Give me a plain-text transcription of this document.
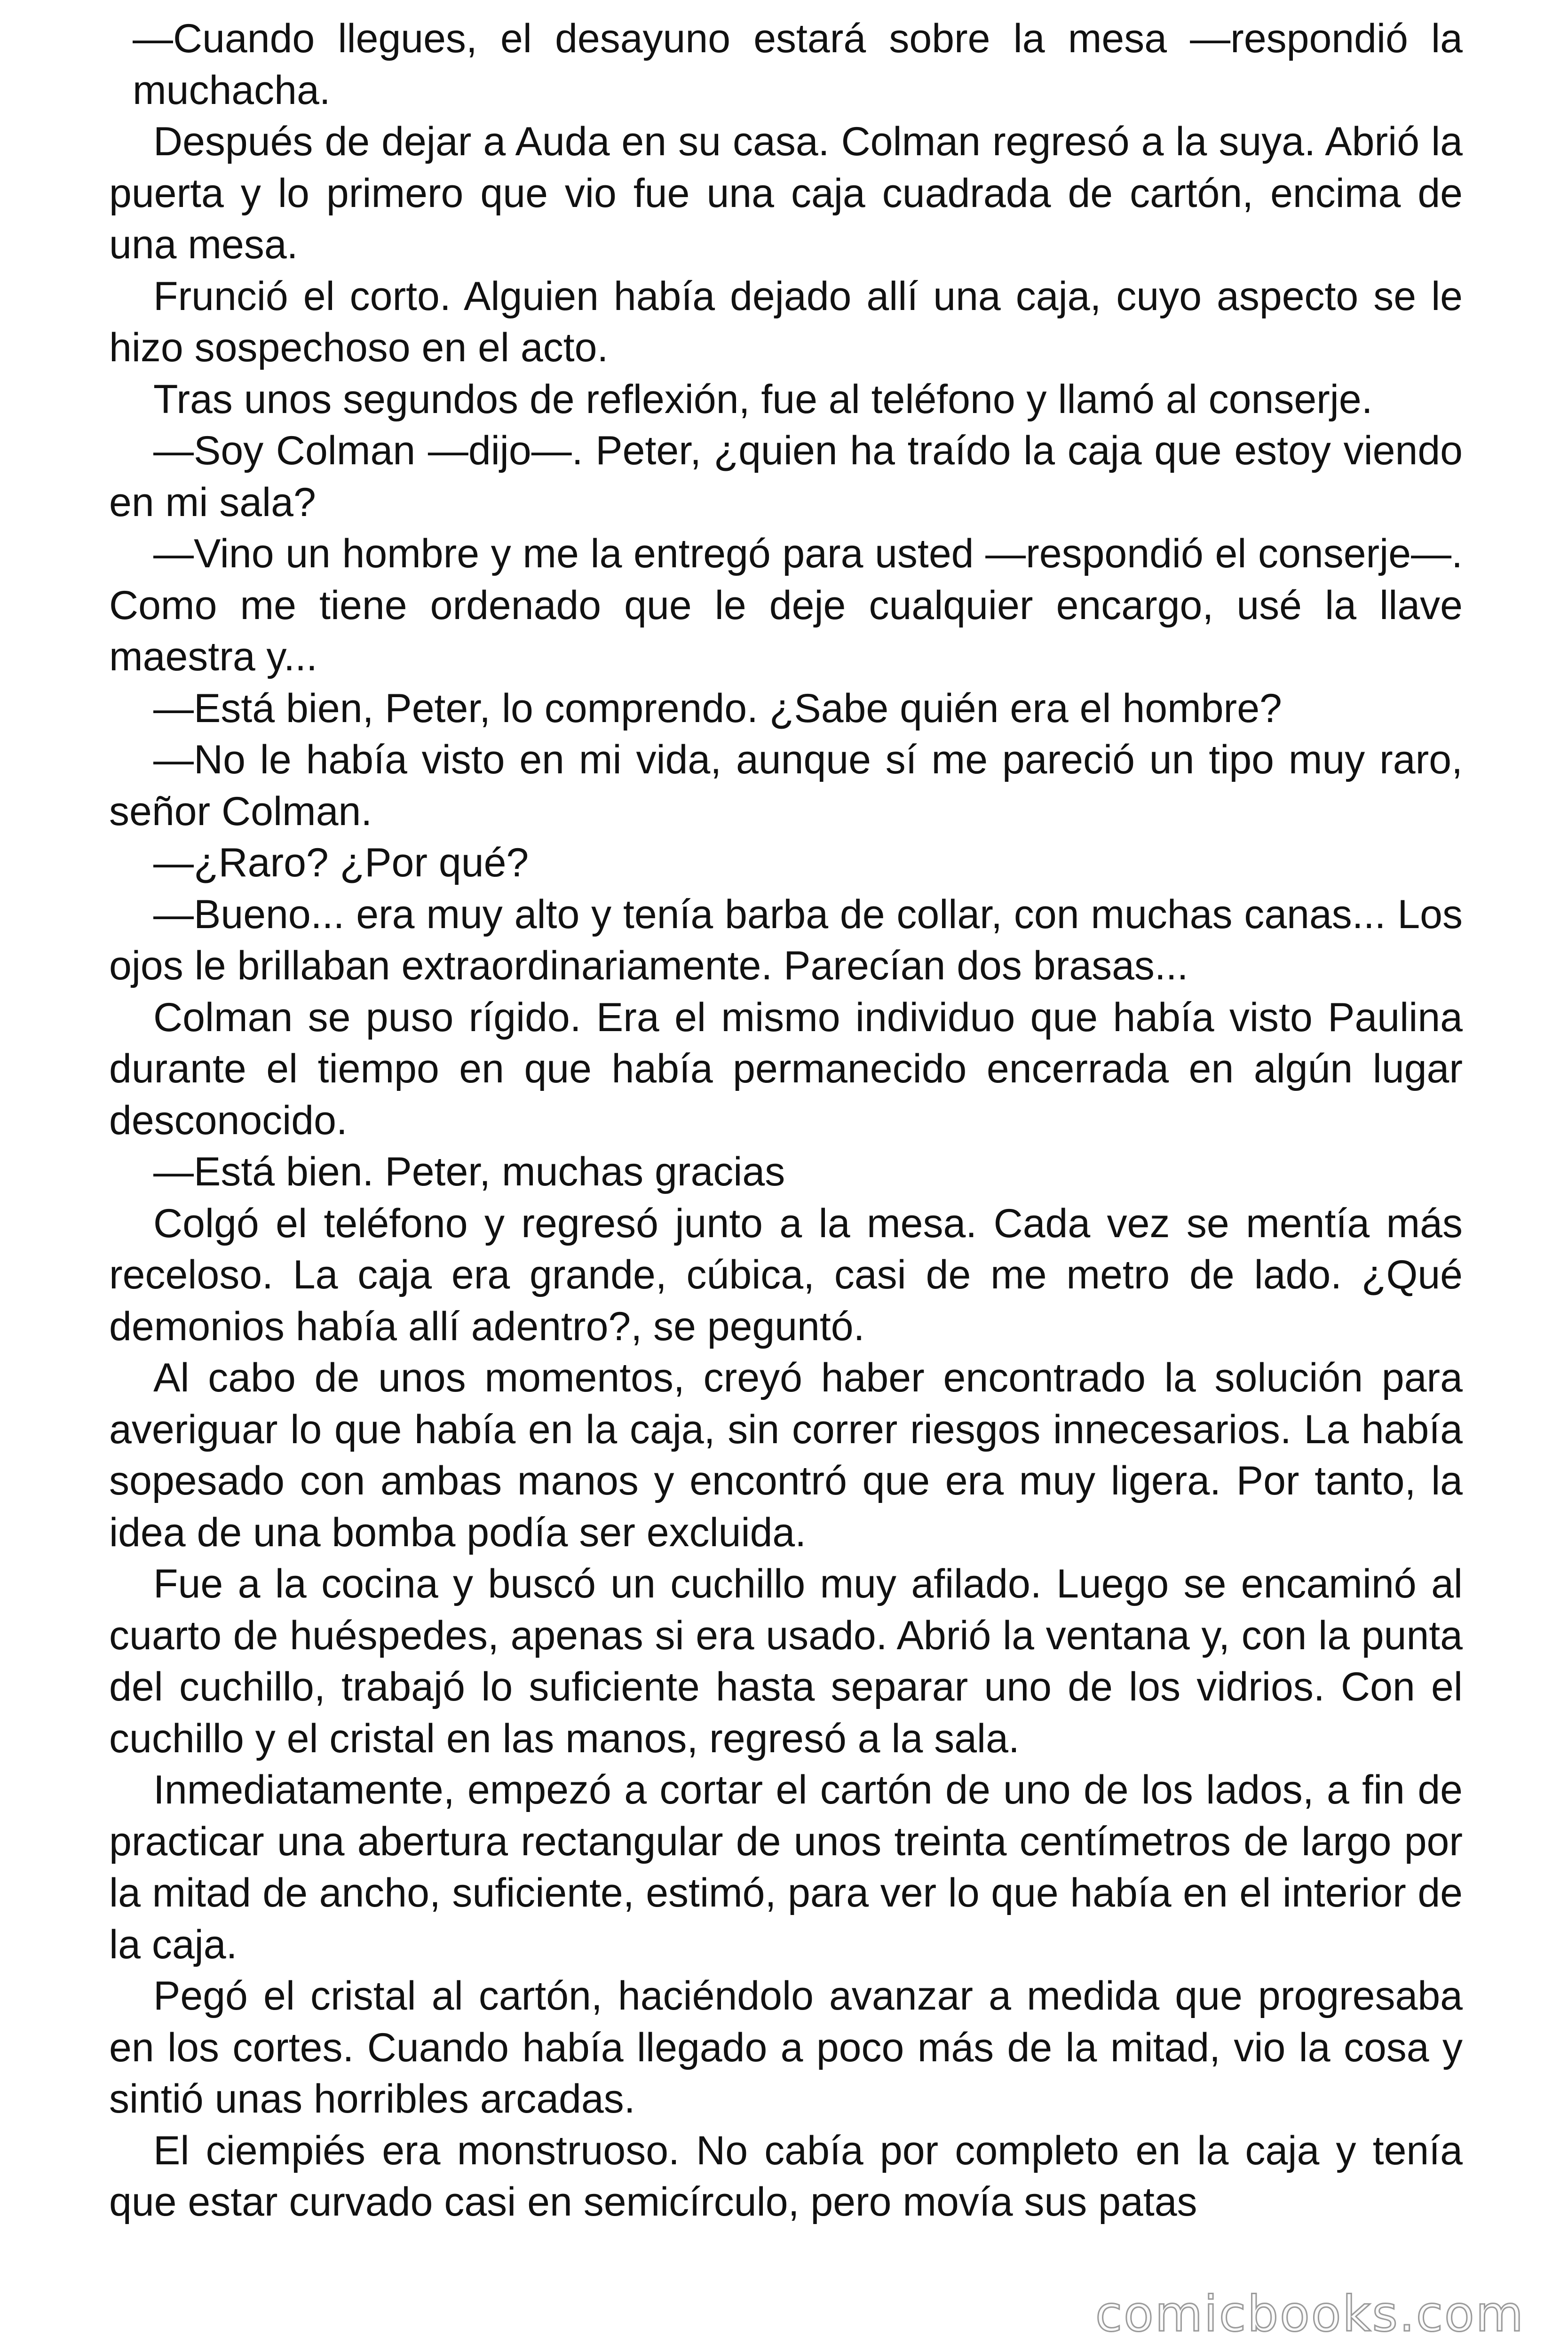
—Cuando llegues, el desayuno estará sobre la mesa —respondió la muchacha.

Después de dejar a Auda en su casa. Colman regresó a la suya. Abrió la puerta y lo primero que vio fue una caja cuadrada de cartón, encima de una mesa.

Frunció el corto. Alguien había dejado allí una caja, cuyo aspecto se le hizo sospechoso en el acto.

Tras unos segundos de reflexión, fue al teléfono y llamó al conserje.

—Soy Colman —dijo—. Peter, ¿quien ha traído la caja que estoy viendo en mi sala?

—Vino un hombre y me la entregó para usted —respondió el conserje—. Como me tiene ordenado que le deje cualquier encargo, usé la llave maestra y...

—Está bien, Peter, lo comprendo. ¿Sabe quién era el hombre?

—No le había visto en mi vida, aunque sí me pareció un tipo muy raro, señor Colman.

—¿Raro? ¿Por qué?

—Bueno... era muy alto y tenía barba de collar, con muchas canas... Los ojos le brillaban extraordinariamente. Parecían dos brasas...

Colman se puso rígido. Era el mismo individuo que había visto Paulina durante el tiempo en que había permanecido encerrada en algún lugar desconocido.

—Está bien. Peter, muchas gracias

Colgó el teléfono y regresó junto a la mesa. Cada vez se mentía más receloso. La caja era grande, cúbica, casi de me metro de lado. ¿Qué demonios había allí adentro?, se peguntó.

Al cabo de unos momentos, creyó haber encontrado la solución para averiguar lo que había en la caja, sin correr riesgos innecesarios. La había sopesado con ambas manos y encontró que era muy ligera. Por tanto, la idea de una bomba podía ser excluida.

Fue a la cocina y buscó un cuchillo muy afilado. Luego se encaminó al cuarto de huéspedes, apenas si era usado. Abrió la ventana y, con la punta del cuchillo, trabajó lo suficiente hasta separar uno de los vidrios. Con el cuchillo y el cristal en las manos, regresó a la sala.

Inmediatamente, empezó a cortar el cartón de uno de los lados, a fin de practicar una abertura rectangular de unos treinta centímetros de largo por la mitad de ancho, suficiente, estimó, para ver lo que había en el interior de la caja.

Pegó el cristal al cartón, haciéndolo avanzar a medida que progresaba en los cortes. Cuando había llegado a poco más de la mitad, vio la cosa y sintió unas horribles arcadas.

El ciempiés era monstruoso. No cabía por completo en la caja y tenía que estar curvado casi en semicírculo, pero movía sus patas

comicbooks.com
